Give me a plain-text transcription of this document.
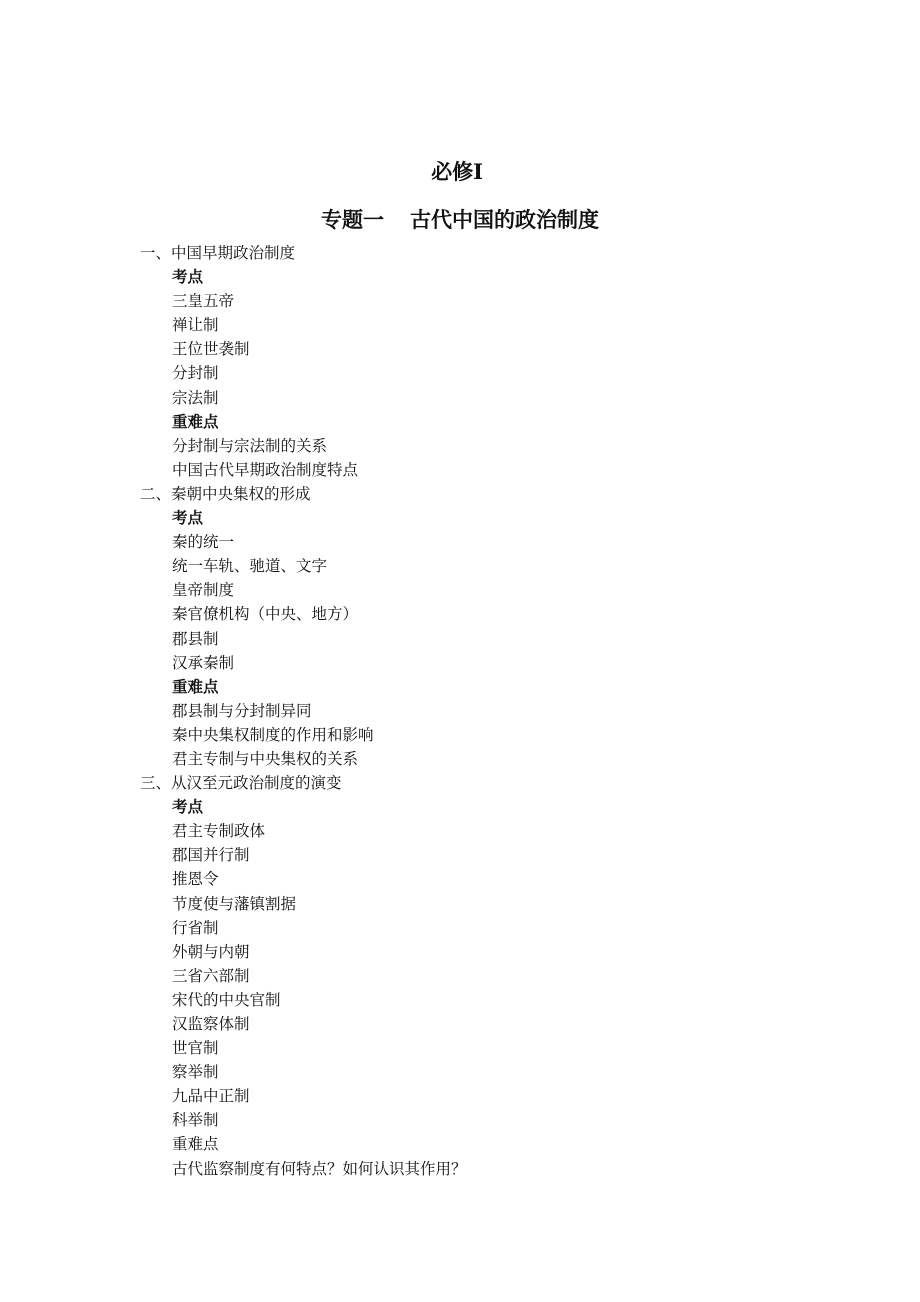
必修Ⅰ
专题一 古代中国的政治制度
一、中国早期政治制度
考点
三皇五帝
禅让制
王位世袭制
分封制
宗法制
重难点
分封制与宗法制的关系
中国古代早期政治制度特点
二、秦朝中央集权的形成
考点
秦的统一
统一车轨、驰道、文字
皇帝制度
秦官僚机构（中央、地方）
郡县制
汉承秦制
重难点
郡县制与分封制异同
秦中央集权制度的作用和影响
君主专制与中央集权的关系
三、从汉至元政治制度的演变
考点
君主专制政体
郡国并行制
推恩令
节度使与藩镇割据
行省制
外朝与内朝
三省六部制
宋代的中央官制
汉监察体制
世官制
察举制
九品中正制
科举制
重难点
古代监察制度有何特点？如何认识其作用？
